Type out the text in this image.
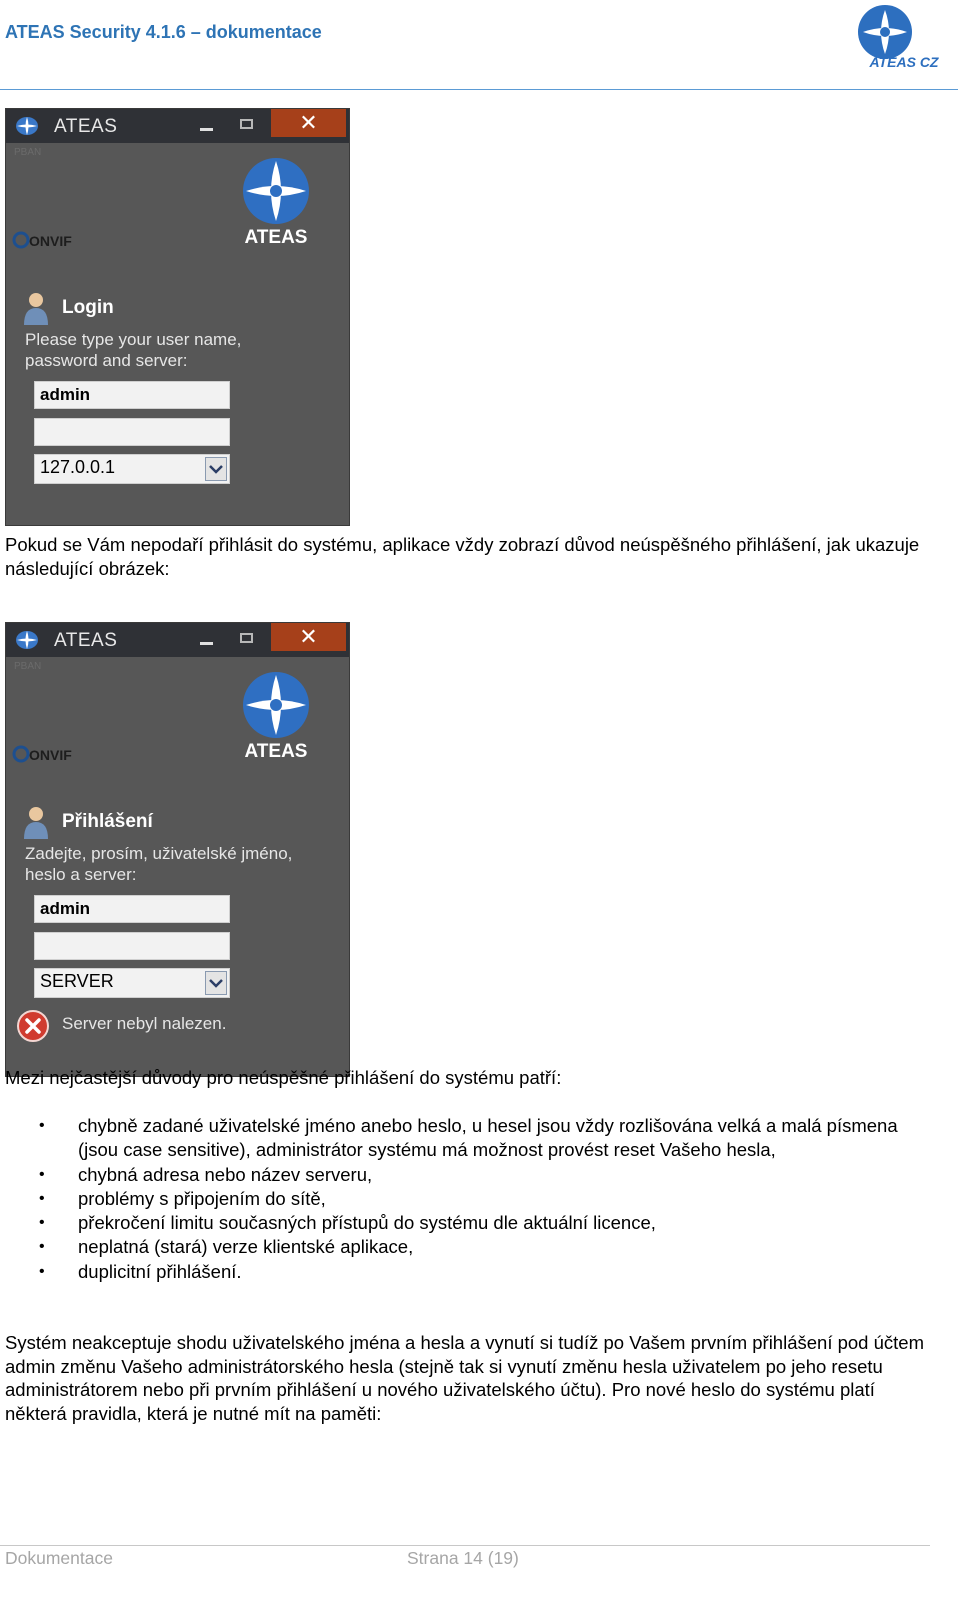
ATEAS Security 4.1.6 – dokumentace
ATEAS CZ
ATEAS	✕
PBAN
ATEAS
ONVIF
Login
Please type your user name, password and server:
admin
127.0.0.1
Pokud se Vám nepodaří přihlásit do systému, aplikace vždy zobrazí důvod neúspěšného přihlášení, jak ukazuje následující obrázek:
ATEAS	✕
PBAN
ATEAS
ONVIF
Přihlášení
Zadejte, prosím, uživatelské jméno, heslo a server:
admin
SERVER
Server nebyl nalezen.
Mezi nejčastější důvody pro neúspěšné přihlášení do systému patří:
• chybně zadané uživatelské jméno anebo heslo, u hesel jsou vždy rozlišována velká a malá písmena (jsou case sensitive), administrátor systému má možnost provést reset Vašeho hesla,
• chybná adresa nebo název serveru,
• problémy s připojením do sítě,
• překročení limitu současných přístupů do systému dle aktuální licence,
• neplatná (stará) verze klientské aplikace,
• duplicitní přihlášení.
Systém neakceptuje shodu uživatelského jména a hesla a vynutí si tudíž po Vašem prvním přihlášení pod účtem admin změnu Vašeho administrátorského hesla (stejně tak si vynutí změnu hesla uživatelem po jeho resetu administrátorem nebo při prvním přihlášení u nového uživatelského účtu). Pro nové heslo do systému platí některá pravidla, která je nutné mít na paměti:
Dokumentace	Strana 14 (19)
